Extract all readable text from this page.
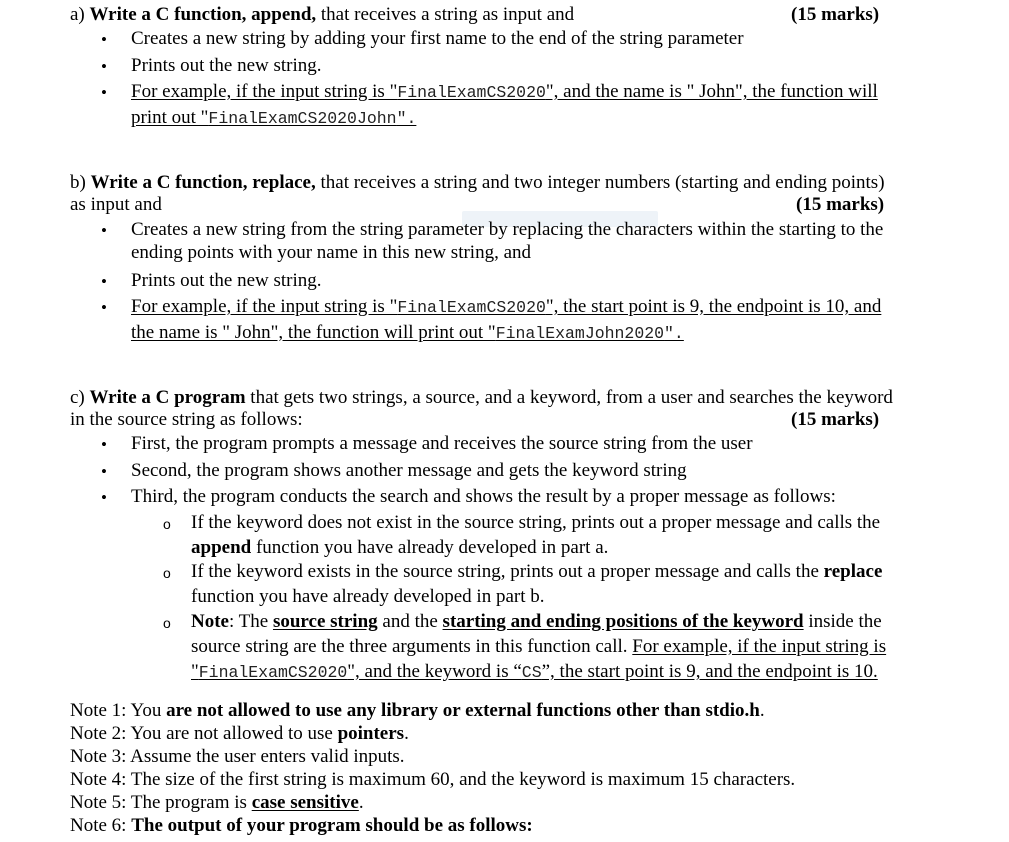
a) Write a C function, append, that receives a string as input and	(15 marks)
• Creates a new string by adding your first name to the end of the string parameter
• Prints out the new string.
• For example, if the input string is "FinalExamCS2020", and the name is " John", the function will
print out "FinalExamCS2020John".
b) Write a C function, replace, that receives a string and two integer numbers (starting and ending points)
as input and	(15 marks)
• Creates a new string from the string parameter by replacing the characters within the starting to the
ending points with your name in this new string, and
• Prints out the new string.
• For example, if the input string is "FinalExamCS2020", the start point is 9, the endpoint is 10, and
the name is " John", the function will print out "FinalExamJohn2020".
c) Write a C program that gets two strings, a source, and a keyword, from a user and searches the keyword
in the source string as follows:	(15 marks)
• First, the program prompts a message and receives the source string from the user
• Second, the program shows another message and gets the keyword string
• Third, the program conducts the search and shows the result by a proper message as follows:
o If the keyword does not exist in the source string, prints out a proper message and calls the
append function you have already developed in part a.
o If the keyword exists in the source string, prints out a proper message and calls the replace
function you have already developed in part b.
o Note: The source string and the starting and ending positions of the keyword inside the
source string are the three arguments in this function call. For example, if the input string is
"FinalExamCS2020", and the keyword is “CS”, the start point is 9, and the endpoint is 10.
Note 1: You are not allowed to use any library or external functions other than stdio.h.
Note 2: You are not allowed to use pointers.
Note 3: Assume the user enters valid inputs.
Note 4: The size of the first string is maximum 60, and the keyword is maximum 15 characters.
Note 5: The program is case sensitive.
Note 6: The output of your program should be as follows:
